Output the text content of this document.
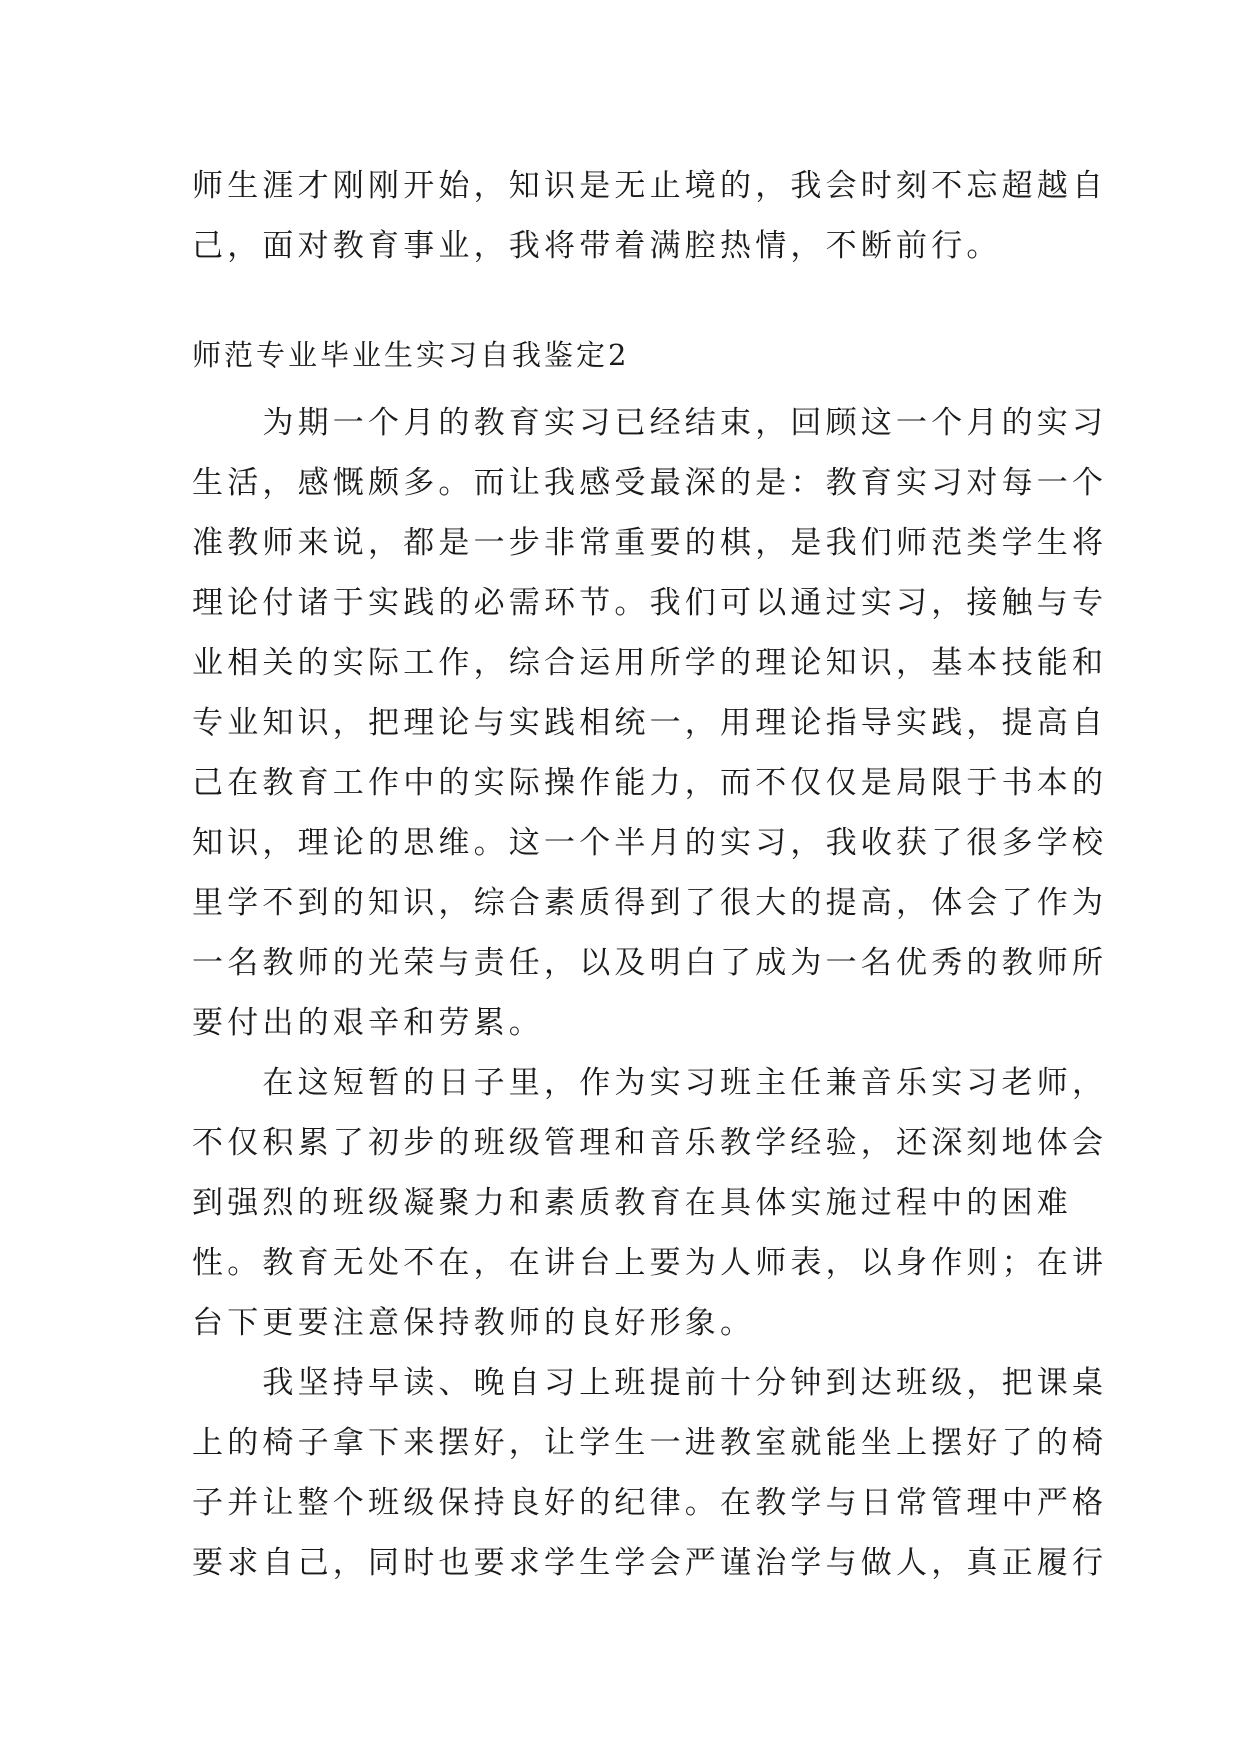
师生涯才刚刚开始，知识是无止境的，我会时刻不忘超越自
己，面对教育事业，我将带着满腔热情，不断前行。
师范专业毕业生实习自我鉴定2
　　为期一个月的教育实习已经结束，回顾这一个月的实习
生活，感慨颇多。而让我感受最深的是：教育实习对每一个
准教师来说，都是一步非常重要的棋，是我们师范类学生将
理论付诸于实践的必需环节。我们可以通过实习，接触与专
业相关的实际工作，综合运用所学的理论知识，基本技能和
专业知识，把理论与实践相统一，用理论指导实践，提高自
己在教育工作中的实际操作能力，而不仅仅是局限于书本的
知识，理论的思维。这一个半月的实习，我收获了很多学校
里学不到的知识，综合素质得到了很大的提高，体会了作为
一名教师的光荣与责任，以及明白了成为一名优秀的教师所
要付出的艰辛和劳累。
　　在这短暂的日子里，作为实习班主任兼音乐实习老师，
不仅积累了初步的班级管理和音乐教学经验，还深刻地体会
到强烈的班级凝聚力和素质教育在具体实施过程中的困难
性。教育无处不在，在讲台上要为人师表，以身作则；在讲
台下更要注意保持教师的良好形象。
　　我坚持早读、晚自习上班提前十分钟到达班级，把课桌
上的椅子拿下来摆好，让学生一进教室就能坐上摆好了的椅
子并让整个班级保持良好的纪律。在教学与日常管理中严格
要求自己，同时也要求学生学会严谨治学与做人，真正履行
